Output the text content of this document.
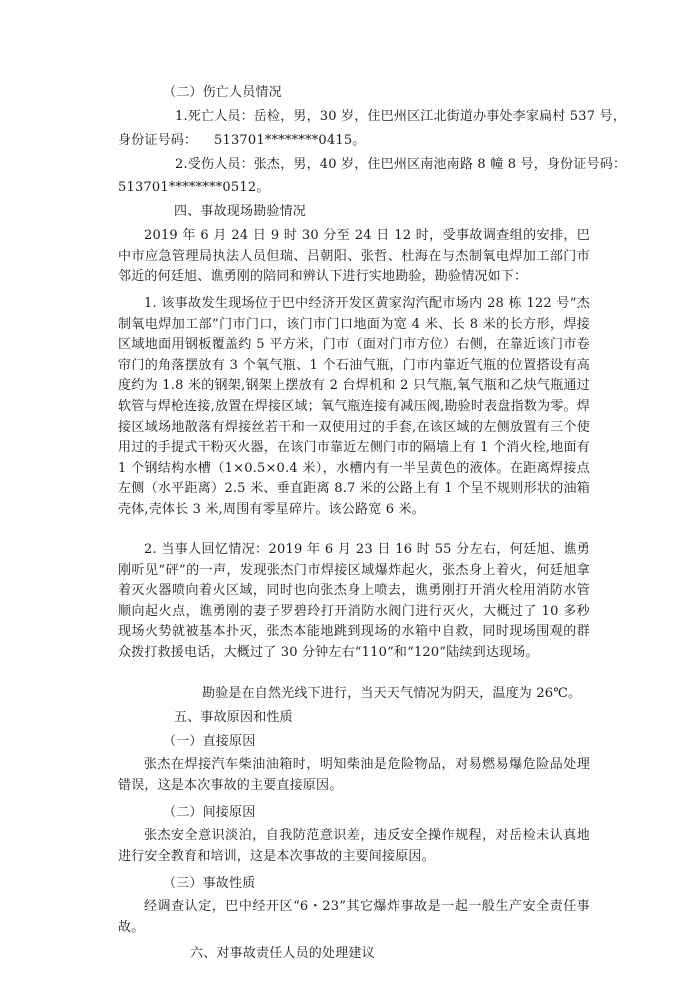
（二）伤亡人员情况
1.死亡人员：岳检，男，30 岁，住巴州区江北街道办事处李家扁村 537 号，
身份证号码： 513701********0415。
2.受伤人员：张杰，男，40 岁，住巴州区南池南路 8 幢 8 号，身份证号码：
513701********0512。
四、事故现场勘验情况
2019 年 6 月 24 日 9 时 30 分至 24 日 12 时，受事故调查组的安排，巴中市应急管理局执法人员但瑞、吕朝阳、张哲、杜海在与杰制氧电焊加工部门市邻近的何廷旭、谯勇刚的陪同和辨认下进行实地勘验，勘验情况如下：
1. 该事故发生现场位于巴中经济开发区黄家沟汽配市场内 28 栋 122 号“杰制氧电焊加工部”门市门口，该门市门口地面为宽 4 米、长 8 米的长方形，焊接区域地面用钢板覆盖约 5 平方米，门市（面对门市方位）右侧，在靠近该门市卷帘门的角落摆放有 3 个氧气瓶、1 个石油气瓶，门市内靠近气瓶的位置搭设有高度约为 1.8 米的钢架,钢架上摆放有 2 台焊机和 2 只气瓶,氧气瓶和乙炔气瓶通过软管与焊枪连接,放置在焊接区域；氧气瓶连接有减压阀,勘验时表盘指数为零。焊接区域场地散落有焊接丝若干和一双使用过的手套,在该区域的左侧放置有三个使用过的手提式干粉灭火器，在该门市靠近左侧门市的隔墙上有 1 个消火栓,地面有 1 个钢结构水槽（1×0.5×0.4 米），水槽内有一半呈黄色的液体。在距离焊接点左侧（水平距离）2.5 米、垂直距离 8.7 米的公路上有 1 个呈不规则形状的油箱壳体,壳体长 3 米,周围有零星碎片。该公路宽 6 米。
2. 当事人回忆情况：2019 年 6 月 23 日 16 时 55 分左右，何廷旭、谯勇刚听见“砰”的一声，发现张杰门市焊接区域爆炸起火，张杰身上着火，何廷旭拿着灭火器喷向着火区域，同时也向张杰身上喷去，谯勇刚打开消火栓用消防水管顺向起火点，谯勇刚的妻子罗碧玲打开消防水阀门进行灭火，大概过了 10 多秒现场火势就被基本扑灭，张杰本能地跳到现场的水箱中自救，同时现场围观的群众拨打救援电话，大概过了 30 分钟左右“110”和“120”陆续到达现场。
勘验是在自然光线下进行，当天天气情况为阴天，温度为 26℃。
五、事故原因和性质
（一）直接原因
张杰在焊接汽车柴油油箱时，明知柴油是危险物品，对易燃易爆危险品处理错误，这是本次事故的主要直接原因。
（二）间接原因
张杰安全意识淡泊，自我防范意识差，违反安全操作规程，对岳检未认真地进行安全教育和培训，这是本次事故的主要间接原因。
（三）事故性质
经调查认定，巴中经开区“6・23”其它爆炸事故是一起一般生产安全责任事故。
六、对事故责任人员的处理建议
